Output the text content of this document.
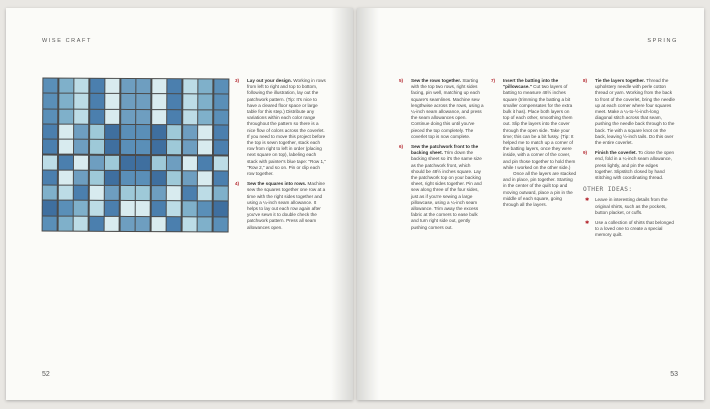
WISE CRAFT
3)	Lay out your design. Working in rows from left to right and top to bottom, following the illustration, lay out the patchwork pattern. (Tip: It's nice to have a cleared floor space or large table for this step.) Distribute any variations within each color range throughout the pattern so there is a nice flow of colors across the coverlet. If you need to move this project before the top is sewn together, stack each row from right to left in order (placing next square on top), labeling each stack with painter's blue tape: "Row 1," "Row 2," and so on. Pin or clip each row together.
4)	Sew the squares into rows. Machine sew the squares together one row at a time with the right sides together and using a ¼-inch seam allowance. It helps to lay out each row again after you've sewn it to double check the patchwork pattern. Press all seam allowances open.
52
SPRING
5)	Sew the rows together. Starting with the top two rows, right sides facing, pin well, matching up each square's seamlines. Machine sew lengthwise across the rows, using a ¼-inch seam allowance, and press the seam allowances open. Continue doing this until you've pieced the top completely. The coverlet top is now complete.
6)	Sew the patchwork front to the backing sheet. Trim down the backing sheet so it's the same size as the patchwork front, which should be 48½ inches square. Lay the patchwork top on your backing sheet, right sides together. Pin and sew along three of the four sides, just as if you're sewing a large pillowcase, using a ¼-inch seam allowance. Trim away the excess fabric at the corners to ease bulk and turn right side out, gently pushing corners out.
7)	Insert the batting into the "pillowcase." Cut two layers of batting to measure 48½ inches square (trimming the batting a bit smaller compensates for the extra bulk it has). Place both layers on top of each other, smoothing them out. Slip the layers into the cover through the open side. Take your time; this can be a bit fussy. (Tip: It helped me to match up a corner of the batting layers, once they were inside, with a corner of the cover, and pin those together to hold them while I worked on the other side.)
Once all the layers are stacked and in place, pin together. Starting in the center of the quilt top and moving outward, place a pin in the middle of each square, going through all the layers.
8)	Tie the layers together. Thread the upholstery needle with perle cotton thread or yarn. Working from the back to front of the coverlet, bring the needle up at each corner where four squares meet. Make a ¼-to-½-inch-long diagonal stitch across that seam, pushing the needle back through to the back. Tie with a square knot on the back, leaving ½-inch tails. Do this over the entire coverlet.
9)	Finish the coverlet. To close the open end, fold in a ¼-inch seam allowance, press lightly, and pin the edges together. Slipstitch closed by hand stitching with coordinating thread.
OTHER IDEAS:
✱	Leave in interesting details from the original shirts, such as the pockets, button placket, or cuffs.
✱	Use a collection of shirts that belonged to a loved one to create a special memory quilt.
53
